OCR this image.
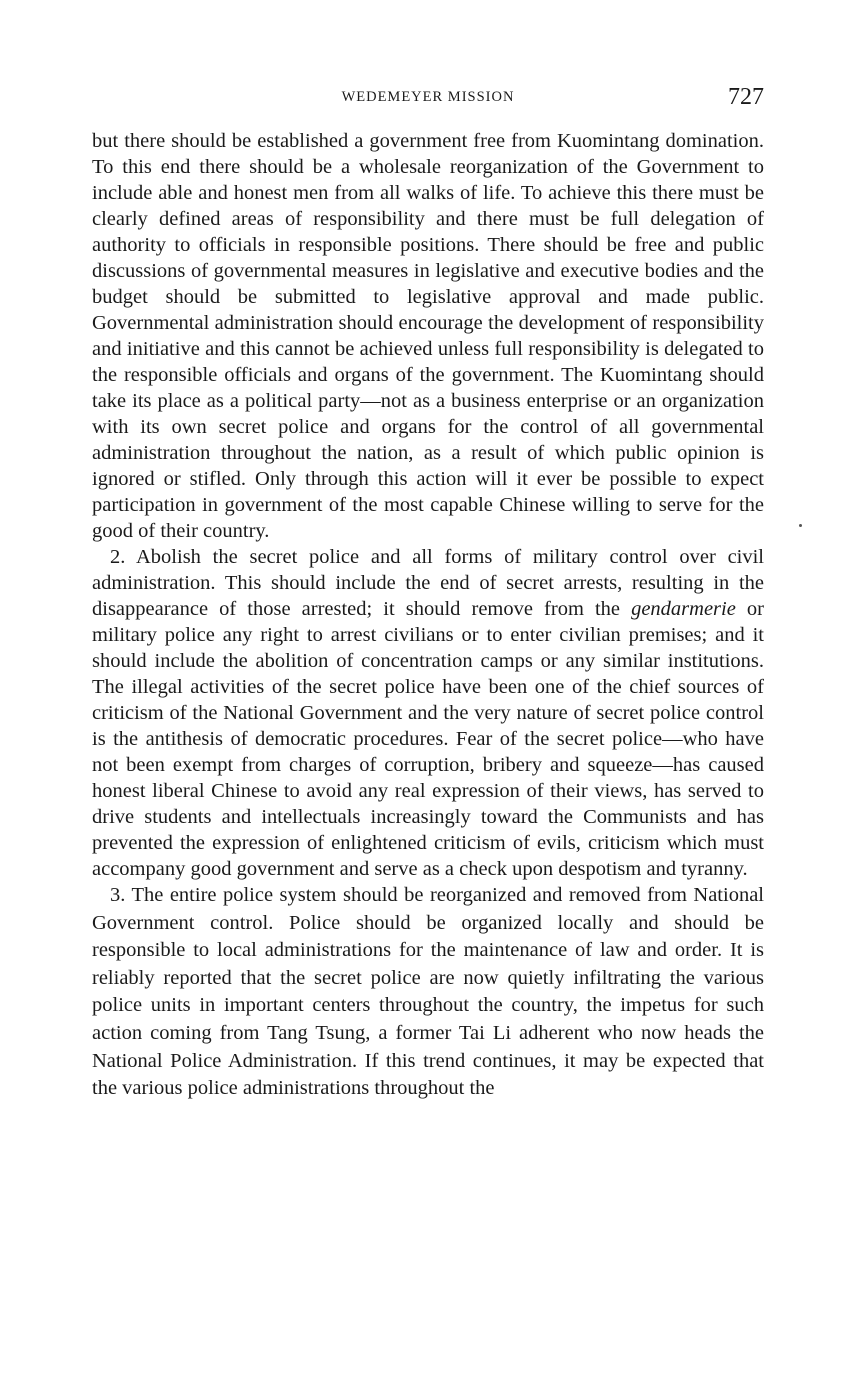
WEDEMEYER MISSION	727

but there should be established a government free from Kuomintang domination. To this end there should be a wholesale reorganization of the Government to include able and honest men from all walks of life. To achieve this there must be clearly defined areas of responsibility and there must be full delegation of authority to officials in responsible positions. There should be free and public discussions of governmental measures in legislative and executive bodies and the budget should be submitted to legislative approval and made public. Governmental administration should encourage the development of responsibility and initiative and this cannot be achieved unless full responsibility is delegated to the responsible officials and organs of the government. The Kuomintang should take its place as a political party—not as a business enterprise or an organization with its own secret police and organs for the control of all governmental administration throughout the nation, as a result of which public opinion is ignored or stifled. Only through this action will it ever be possible to expect participation in government of the most capable Chinese willing to serve for the good of their country.

2. Abolish the secret police and all forms of military control over civil administration. This should include the end of secret arrests, resulting in the disappearance of those arrested; it should remove from the gendarmerie or military police any right to arrest civilians or to enter civilian premises; and it should include the abolition of concentration camps or any similar institutions. The illegal activities of the secret police have been one of the chief sources of criticism of the National Government and the very nature of secret police control is the antithesis of democratic procedures. Fear of the secret police—who have not been exempt from charges of corruption, bribery and squeeze—has caused honest liberal Chinese to avoid any real expression of their views, has served to drive students and intellectuals increasingly toward the Communists and has prevented the expression of enlightened criticism of evils, criticism which must accompany good government and serve as a check upon despotism and tyranny.

3. The entire police system should be reorganized and removed from National Government control. Police should be organized locally and should be responsible to local administrations for the maintenance of law and order. It is reliably reported that the secret police are now quietly infiltrating the various police units in important centers throughout the country, the impetus for such action coming from Tang Tsung, a former Tai Li adherent who now heads the National Police Administration. If this trend continues, it may be expected that the various police administrations throughout the
